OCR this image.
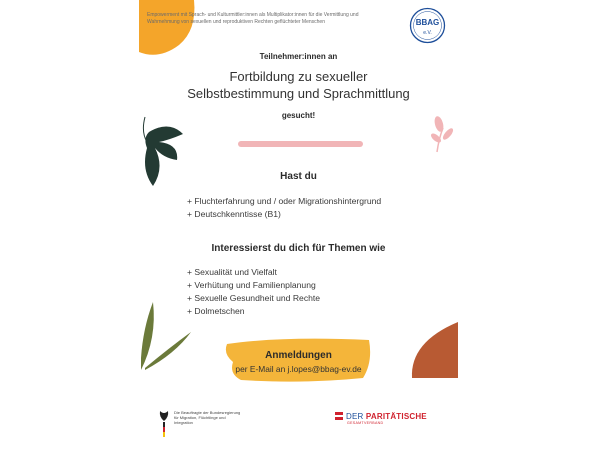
Empowerment mit Sprach- und Kulturmittler:innen als Multiplikator:innen für die Vermittlung und Wahrnehmung von sexuellen und reproduktiven Rechten geflüchteter Menschen	BBAG
e.V.
Teilnehmer:innen an
Fortbildung zu sexueller
Selbstbestimmung und Sprachmittlung
gesucht!
Hast du
+ Fluchterfahrung und / oder Migrationshintergrund
+ Deutschkenntisse (B1)
Interessierst du dich für Themen wie
+ Sexualität und Vielfalt
+ Verhütung und Familienplanung
+ Sexuelle Gesundheit und Rechte
+ Dolmetschen
Anmeldungen
per E-Mail an j.lopes@bbag-ev.de
Die Beauftragte der Bundesregierung
für Migration, Flüchtlinge und
Integration
DER PARITÄTISCHE
GESAMTVERBAND
